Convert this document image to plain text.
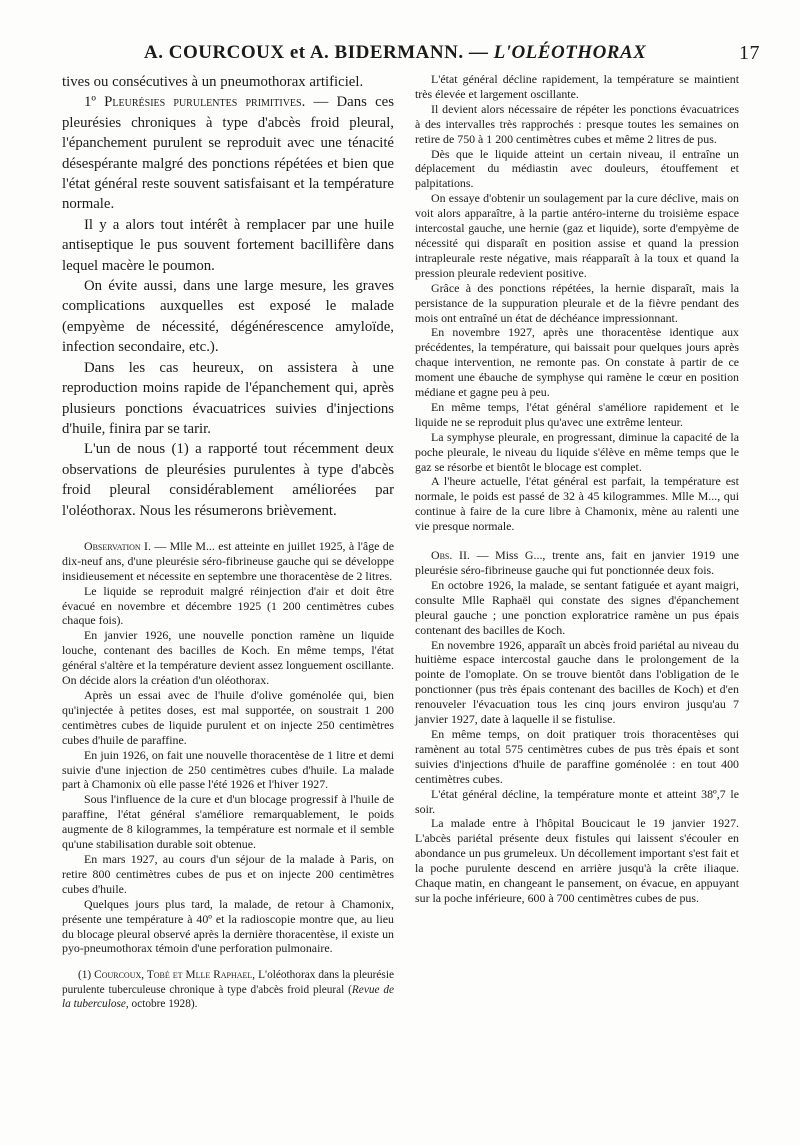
A. COURCOUX et A. BIDERMANN. — L'OLÉOTHORAX	17

tives ou consécutives à un pneumothorax artificiel.

1º Pleurésies purulentes primitives. — Dans ces pleurésies chroniques à type d'abcès froid pleural, l'épanchement purulent se reproduit avec une ténacité désespérante malgré des ponctions répétées et bien que l'état général reste souvent satisfaisant et la température normale.

Il y a alors tout intérêt à remplacer par une huile antiseptique le pus souvent fortement bacillifère dans lequel macère le poumon.

On évite aussi, dans une large mesure, les graves complications auxquelles est exposé le malade (empyème de nécessité, dégénérescence amyloïde, infection secondaire, etc.).

Dans les cas heureux, on assistera à une reproduction moins rapide de l'épanchement qui, après plusieurs ponctions évacuatrices suivies d'injections d'huile, finira par se tarir.

L'un de nous (1) a rapporté tout récemment deux observations de pleurésies purulentes à type d'abcès froid pleural considérablement améliorées par l'oléothorax. Nous les résumerons brièvement.

Observation I. — Mlle M... est atteinte en juillet 1925, à l'âge de dix-neuf ans, d'une pleurésie séro-fibrineuse gauche qui se développe insidieusement et nécessite en septembre une thoracentèse de 2 litres.

Le liquide se reproduit malgré réinjection d'air et doit être évacué en novembre et décembre 1925 (1 200 centimètres cubes chaque fois).

En janvier 1926, une nouvelle ponction ramène un liquide louche, contenant des bacilles de Koch. En même temps, l'état général s'altère et la température devient assez longuement oscillante. On décide alors la création d'un oléothorax.

Après un essai avec de l'huile d'olive goménolée qui, bien qu'injectée à petites doses, est mal supportée, on soustrait 1 200 centimètres cubes de liquide purulent et on injecte 250 centimètres cubes d'huile de paraffine.

En juin 1926, on fait une nouvelle thoracentèse de 1 litre et demi suivie d'une injection de 250 centimètres cubes d'huile. La malade part à Chamonix où elle passe l'été 1926 et l'hiver 1927.

Sous l'influence de la cure et d'un blocage progressif à l'huile de paraffine, l'état général s'améliore remarquablement, le poids augmente de 8 kilogrammes, la température est normale et il semble qu'une stabilisation durable soit obtenue.

En mars 1927, au cours d'un séjour de la malade à Paris, on retire 800 centimètres cubes de pus et on injecte 200 centimètres cubes d'huile.

Quelques jours plus tard, la malade, de retour à Chamonix, présente une température à 40º et la radioscopie montre que, au lieu du blocage pleural observé après la dernière thoracentèse, il existe un pyo-pneumothorax témoin d'une perforation pulmonaire.

(1) Courcoux, Tobé et Mlle Raphael, L'oléothorax dans la pleurésie purulente tuberculeuse chronique à type d'abcès froid pleural (Revue de la tuberculose, octobre 1928).

L'état général décline rapidement, la température se maintient très élevée et largement oscillante.

Il devient alors nécessaire de répéter les ponctions évacuatrices à des intervalles très rapprochés : presque toutes les semaines on retire de 750 à 1 200 centimètres cubes et même 2 litres de pus.

Dès que le liquide atteint un certain niveau, il entraîne un déplacement du médiastin avec douleurs, étouffement et palpitations.

On essaye d'obtenir un soulagement par la cure déclive, mais on voit alors apparaître, à la partie antéro-interne du troisième espace intercostal gauche, une hernie (gaz et liquide), sorte d'empyème de nécessité qui disparaît en position assise et quand la pression intrapleurale reste négative, mais réapparaît à la toux et quand la pression pleurale redevient positive.

Grâce à des ponctions répétées, la hernie disparaît, mais la persistance de la suppuration pleurale et de la fièvre pendant des mois ont entraîné un état de déchéance impressionnant.

En novembre 1927, après une thoracentèse identique aux précédentes, la température, qui baissait pour quelques jours après chaque intervention, ne remonte pas. On constate à partir de ce moment une ébauche de symphyse qui ramène le cœur en position médiane et gagne peu à peu.

En même temps, l'état général s'améliore rapidement et le liquide ne se reproduit plus qu'avec une extrême lenteur.

La symphyse pleurale, en progressant, diminue la capacité de la poche pleurale, le niveau du liquide s'élève en même temps que le gaz se résorbe et bientôt le blocage est complet.

A l'heure actuelle, l'état général est parfait, la température est normale, le poids est passé de 32 à 45 kilogrammes. Mlle M..., qui continue à faire de la cure libre à Chamonix, mène au ralenti une vie presque normale.

Obs. II. — Miss G..., trente ans, fait en janvier 1919 une pleurésie séro-fibrineuse gauche qui fut ponctionnée deux fois.

En octobre 1926, la malade, se sentant fatiguée et ayant maigri, consulte Mlle Raphaël qui constate des signes d'épanchement pleural gauche ; une ponction exploratrice ramène un pus épais contenant des bacilles de Koch.

En novembre 1926, apparaît un abcès froid pariétal au niveau du huitième espace intercostal gauche dans le prolongement de la pointe de l'omoplate. On se trouve bientôt dans l'obligation de le ponctionner (pus très épais contenant des bacilles de Koch) et d'en renouveler l'évacuation tous les cinq jours environ jusqu'au 7 janvier 1927, date à laquelle il se fistulise.

En même temps, on doit pratiquer trois thoracentèses qui ramènent au total 575 centimètres cubes de pus très épais et sont suivies d'injections d'huile de paraffine goménolée : en tout 400 centimètres cubes.

L'état général décline, la température monte et atteint 38º,7 le soir.

La malade entre à l'hôpital Boucicaut le 19 janvier 1927. L'abcès pariétal présente deux fistules qui laissent s'écouler en abondance un pus grumeleux. Un décollement important s'est fait et la poche purulente descend en arrière jusqu'à la crête iliaque. Chaque matin, en changeant le pansement, on évacue, en appuyant sur la poche inférieure, 600 à 700 centimètres cubes de pus.
